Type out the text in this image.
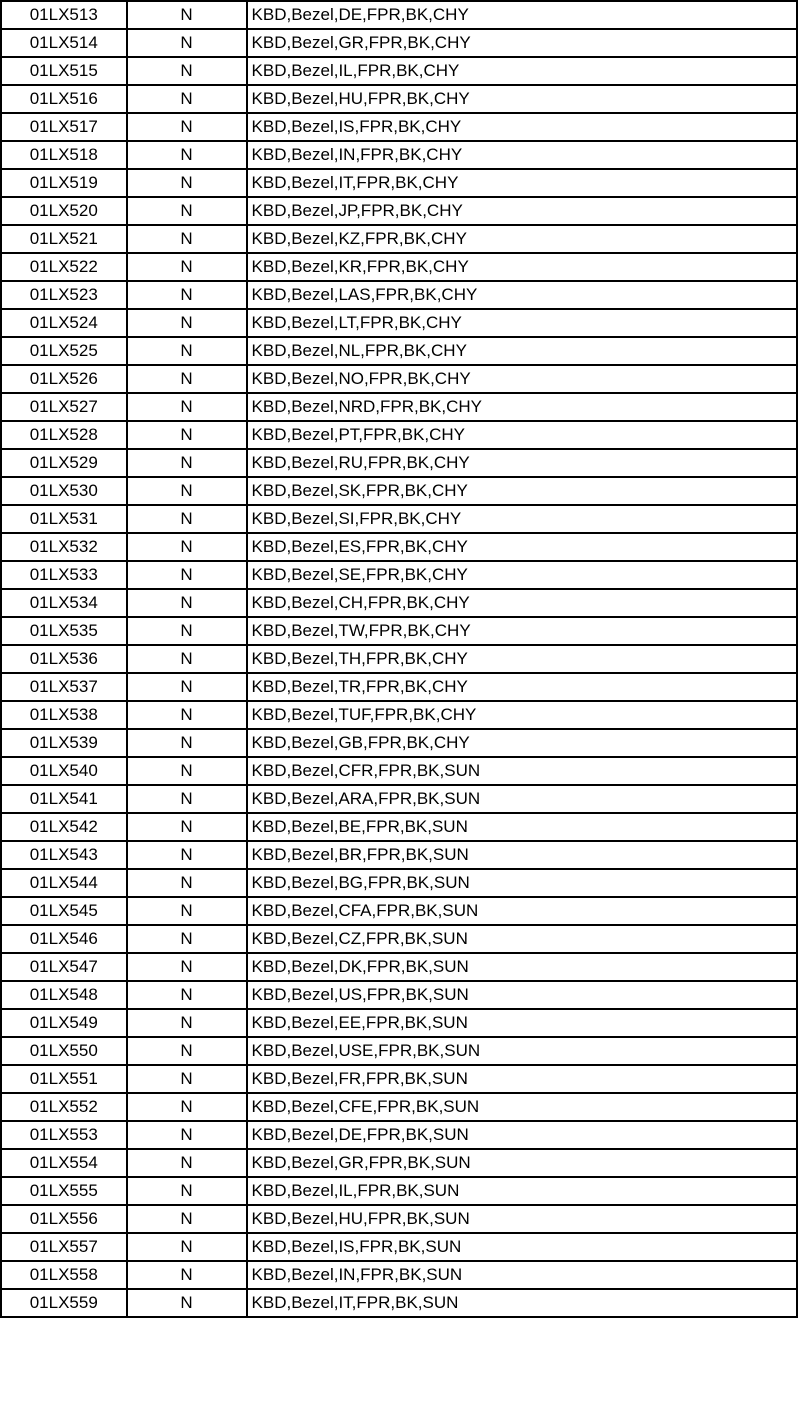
01LX513	N	KBD,Bezel,DE,FPR,BK,CHY
01LX514	N	KBD,Bezel,GR,FPR,BK,CHY
01LX515	N	KBD,Bezel,IL,FPR,BK,CHY
01LX516	N	KBD,Bezel,HU,FPR,BK,CHY
01LX517	N	KBD,Bezel,IS,FPR,BK,CHY
01LX518	N	KBD,Bezel,IN,FPR,BK,CHY
01LX519	N	KBD,Bezel,IT,FPR,BK,CHY
01LX520	N	KBD,Bezel,JP,FPR,BK,CHY
01LX521	N	KBD,Bezel,KZ,FPR,BK,CHY
01LX522	N	KBD,Bezel,KR,FPR,BK,CHY
01LX523	N	KBD,Bezel,LAS,FPR,BK,CHY
01LX524	N	KBD,Bezel,LT,FPR,BK,CHY
01LX525	N	KBD,Bezel,NL,FPR,BK,CHY
01LX526	N	KBD,Bezel,NO,FPR,BK,CHY
01LX527	N	KBD,Bezel,NRD,FPR,BK,CHY
01LX528	N	KBD,Bezel,PT,FPR,BK,CHY
01LX529	N	KBD,Bezel,RU,FPR,BK,CHY
01LX530	N	KBD,Bezel,SK,FPR,BK,CHY
01LX531	N	KBD,Bezel,SI,FPR,BK,CHY
01LX532	N	KBD,Bezel,ES,FPR,BK,CHY
01LX533	N	KBD,Bezel,SE,FPR,BK,CHY
01LX534	N	KBD,Bezel,CH,FPR,BK,CHY
01LX535	N	KBD,Bezel,TW,FPR,BK,CHY
01LX536	N	KBD,Bezel,TH,FPR,BK,CHY
01LX537	N	KBD,Bezel,TR,FPR,BK,CHY
01LX538	N	KBD,Bezel,TUF,FPR,BK,CHY
01LX539	N	KBD,Bezel,GB,FPR,BK,CHY
01LX540	N	KBD,Bezel,CFR,FPR,BK,SUN
01LX541	N	KBD,Bezel,ARA,FPR,BK,SUN
01LX542	N	KBD,Bezel,BE,FPR,BK,SUN
01LX543	N	KBD,Bezel,BR,FPR,BK,SUN
01LX544	N	KBD,Bezel,BG,FPR,BK,SUN
01LX545	N	KBD,Bezel,CFA,FPR,BK,SUN
01LX546	N	KBD,Bezel,CZ,FPR,BK,SUN
01LX547	N	KBD,Bezel,DK,FPR,BK,SUN
01LX548	N	KBD,Bezel,US,FPR,BK,SUN
01LX549	N	KBD,Bezel,EE,FPR,BK,SUN
01LX550	N	KBD,Bezel,USE,FPR,BK,SUN
01LX551	N	KBD,Bezel,FR,FPR,BK,SUN
01LX552	N	KBD,Bezel,CFE,FPR,BK,SUN
01LX553	N	KBD,Bezel,DE,FPR,BK,SUN
01LX554	N	KBD,Bezel,GR,FPR,BK,SUN
01LX555	N	KBD,Bezel,IL,FPR,BK,SUN
01LX556	N	KBD,Bezel,HU,FPR,BK,SUN
01LX557	N	KBD,Bezel,IS,FPR,BK,SUN
01LX558	N	KBD,Bezel,IN,FPR,BK,SUN
01LX559	N	KBD,Bezel,IT,FPR,BK,SUN
